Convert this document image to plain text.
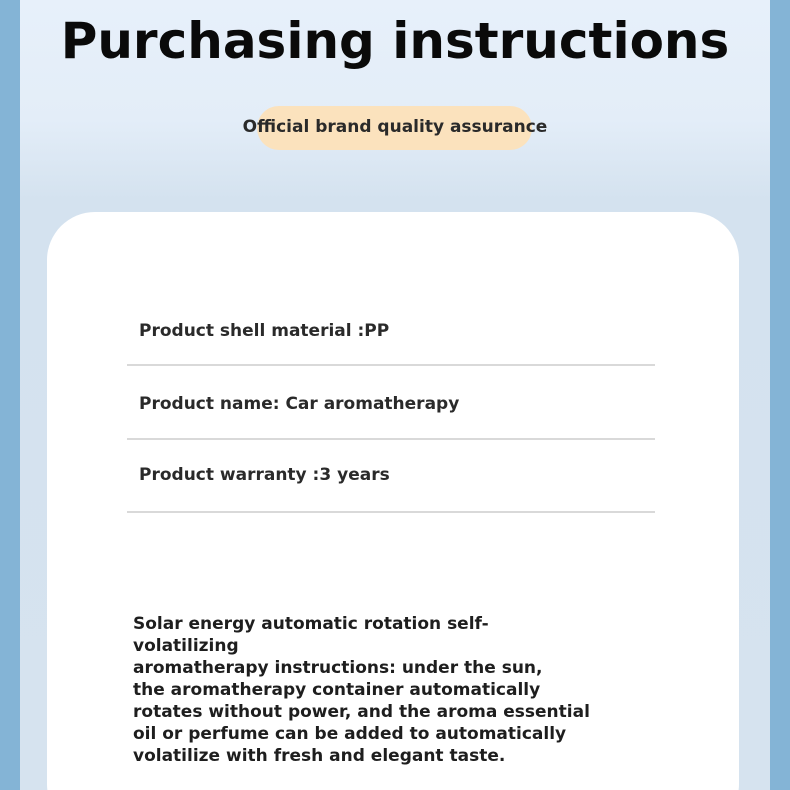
Purchasing instructions
Official brand quality assurance
Product shell material :PP
Product name: Car aromatherapy
Product warranty :3 years
Solar energy automatic rotation self-volatilizing
aromatherapy instructions: under the sun,
the aromatherapy container automatically
rotates without power, and the aroma essential
oil or perfume can be added to automatically
volatilize with fresh and elegant taste.
